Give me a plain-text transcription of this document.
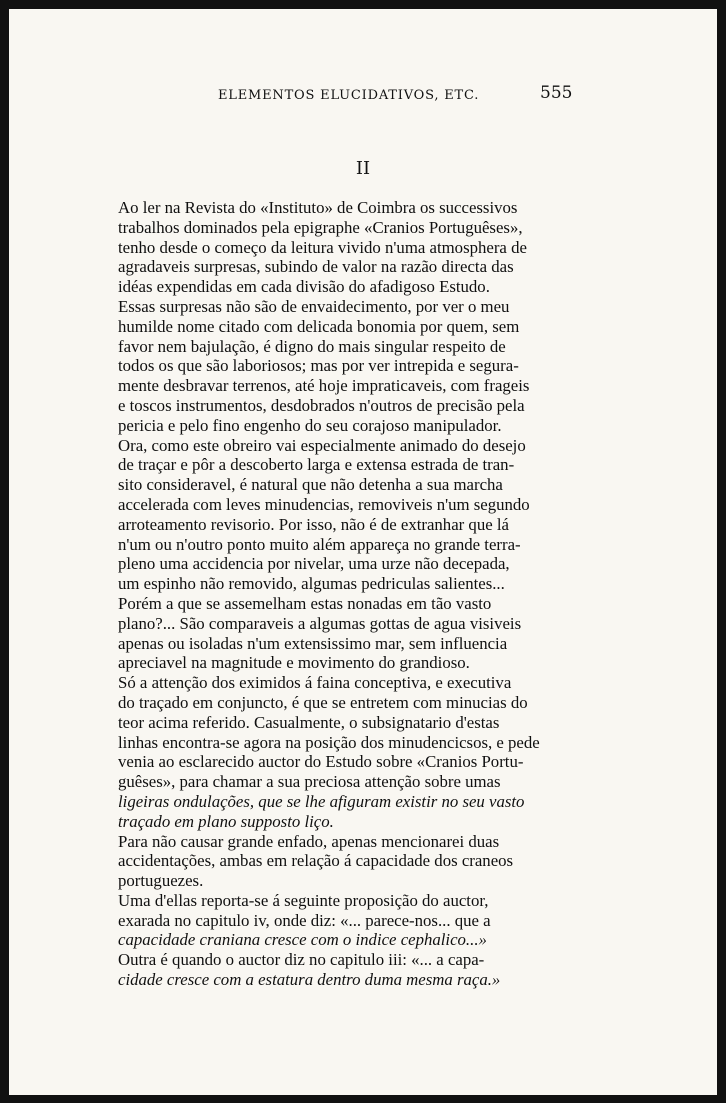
ELEMENTOS ELUCIDATIVOS, ETC.	555
II

Ao ler na Revista do «Instituto» de Coimbra os successivos
trabalhos dominados pela epigraphe «Cranios Portuguêses»,
tenho desde o começo da leitura vivido n'uma atmosphera de
agradaveis surpresas, subindo de valor na razão directa das
idéas expendidas em cada divisão do afadigoso Estudo.

Essas surpresas não são de envaidecimento, por ver o meu
humilde nome citado com delicada bonomia por quem, sem
favor nem bajulação, é digno do mais singular respeito de
todos os que são laboriosos; mas por ver intrepida e segura-
mente desbravar terrenos, até hoje impraticaveis, com frageis
e toscos instrumentos, desdobrados n'outros de precisão pela
pericia e pelo fino engenho do seu corajoso manipulador.

Ora, como este obreiro vai especialmente animado do desejo
de traçar e pôr a descoberto larga e extensa estrada de tran-
sito consideravel, é natural que não detenha a sua marcha
accelerada com leves minudencias, removiveis n'um segundo
arroteamento revisorio. Por isso, não é de extranhar que lá
n'um ou n'outro ponto muito além appareça no grande terra-
pleno uma accidencia por nivelar, uma urze não decepada,
um espinho não removido, algumas pedriculas salientes...
Porém a que se assemelham estas nonadas em tão vasto
plano?... São comparaveis a algumas gottas de agua visiveis
apenas ou isoladas n'um extensissimo mar, sem influencia
apreciavel na magnitude e movimento do grandioso.

Só a attenção dos eximidos á faina conceptiva, e executiva
do traçado em conjuncto, é que se entretem com minucias do
teor acima referido. Casualmente, o subsignatario d'estas
linhas encontra-se agora na posição dos minudencicsos, e pede
venia ao esclarecido auctor do Estudo sobre «Cranios Portu-
guêses», para chamar a sua preciosa attenção sobre umas
ligeiras ondulações, que se lhe afiguram existir no seu vasto
traçado em plano supposto liço.

Para não causar grande enfado, apenas mencionarei duas
accidentações, ambas em relação á capacidade dos craneos
portuguezes.

Uma d'ellas reporta-se á seguinte proposição do auctor,
exarada no capitulo iv, onde diz: «... parece-nos... que a
capacidade craniana cresce com o indice cephalico...»

Outra é quando o auctor diz no capitulo iii: «... a capa-
cidade cresce com a estatura dentro duma mesma raça.»
